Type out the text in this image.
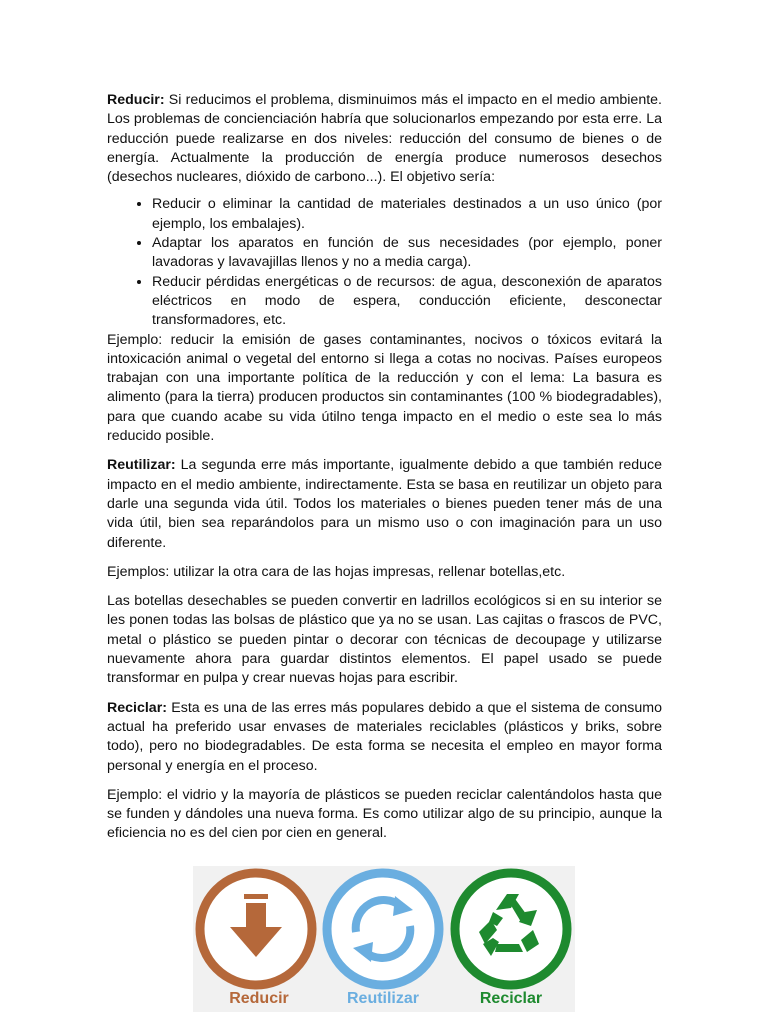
Reducir: Si reducimos el problema, disminuimos más el impacto en el medio ambiente. Los problemas de concienciación habría que solucionarlos empezando por esta erre. La reducción puede realizarse en dos niveles: reducción del consumo de bienes o de energía. Actualmente la producción de energía produce numerosos desechos (desechos nucleares, dióxido de carbono...). El objetivo sería:

• Reducir o eliminar la cantidad de materiales destinados a un uso único (por ejemplo, los embalajes).
• Adaptar los aparatos en función de sus necesidades (por ejemplo, poner lavadoras y lavavajillas llenos y no a media carga).
• Reducir pérdidas energéticas o de recursos: de agua, desconexión de aparatos eléctricos en modo de espera, conducción eficiente, desconectar transformadores, etc.

Ejemplo: reducir la emisión de gases contaminantes, nocivos o tóxicos evitará la intoxicación animal o vegetal del entorno si llega a cotas no nocivas. Países europeos trabajan con una importante política de la reducción y con el lema: La basura es alimento (para la tierra) producen productos sin contaminantes (100 % biodegradables), para que cuando acabe su vida útilno tenga impacto en el medio o este sea lo más reducido posible.

Reutilizar: La segunda erre más importante, igualmente debido a que también reduce impacto en el medio ambiente, indirectamente. Esta se basa en reutilizar un objeto para darle una segunda vida útil. Todos los materiales o bienes pueden tener más de una vida útil, bien sea reparándolos para un mismo uso o con imaginación para un uso diferente.

Ejemplos: utilizar la otra cara de las hojas impresas, rellenar botellas,etc.

Las botellas desechables se pueden convertir en ladrillos ecológicos si en su interior se les ponen todas las bolsas de plástico que ya no se usan. Las cajitas o frascos de PVC, metal o plástico se pueden pintar o decorar con técnicas de decoupage y utilizarse nuevamente ahora para guardar distintos elementos. El papel usado se puede transformar en pulpa y crear nuevas hojas para escribir.

Reciclar: Esta es una de las erres más populares debido a que el sistema de consumo actual ha preferido usar envases de materiales reciclables (plásticos y briks, sobre todo), pero no biodegradables. De esta forma se necesita el empleo en mayor forma personal y energía en el proceso.

Ejemplo: el vidrio y la mayoría de plásticos se pueden reciclar calentándolos hasta que se funden y dándoles una nueva forma. Es como utilizar algo de su principio, aunque la eficiencia no es del cien por cien en general.

Reducir	Reutilizar	Reciclar
